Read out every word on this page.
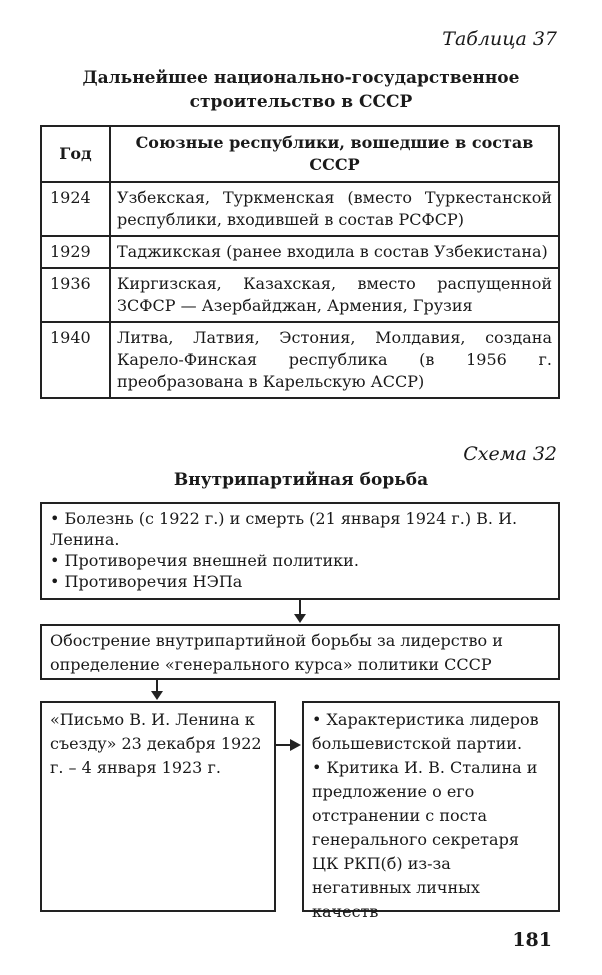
Таблица 37
Дальнейшее национально-государственное строительство в СССР
Год	Союзные республики, вошедшие в состав СССР
1924	Узбекская, Туркменская (вместо Туркестанской республики, входившей в состав РСФСР)
1929	Таджикская (ранее входила в состав Узбекистана)
1936	Киргизская, Казахская, вместо распущенной ЗСФСР — Азербайджан, Армения, Грузия
1940	Литва, Латвия, Эстония, Молдавия, создана Карело-Финская республика (в 1956 г. преобразована в Карельскую АССР)
Схема 32
Внутрипартийная борьба
• Болезнь (с 1922 г.) и смерть (21 января 1924 г.) В. И. Ленина.
• Противоречия внешней политики.
• Противоречия НЭПа
Обострение внутрипартийной борьбы за лидерство и определение «генерального курса» политики СССР
«Письмо В. И. Ленина к съезду» 23 декабря 1922 г. – 4 января 1923 г.
• Характеристика лидеров большевистской партии.
• Критика И. В. Сталина и предложение о его отстранении с поста генерального секретаря ЦК РКП(б) из-за негативных личных качеств
181
